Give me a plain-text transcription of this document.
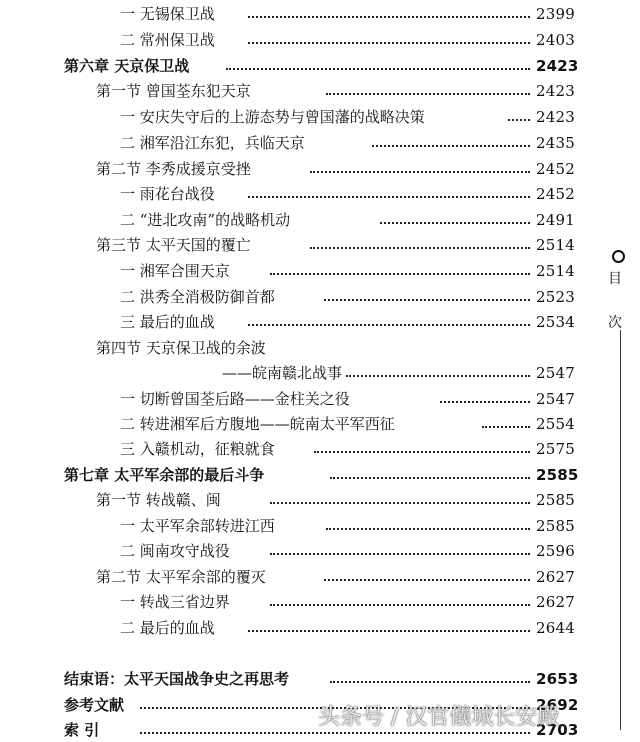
一 无锡保卫战	2399
二 常州保卫战	2403
第六章 天京保卫战	2423
第一节 曾国荃东犯天京	2423
一 安庆失守后的上游态势与曾国藩的战略决策	2423
二 湘军沿江东犯，兵临天京	2435
第二节 李秀成援京受挫	2452
一 雨花台战役	2452
二 “进北攻南”的战略机动	2491
第三节 太平天国的覆亡	2514
一 湘军合围天京	2514
二 洪秀全消极防御首都	2523
三 最后的血战	2534
第四节 天京保卫战的余波
——皖南赣北战事	2547
一 切断曾国荃后路——金柱关之役	2547
二 转进湘军后方腹地——皖南太平军西征	2554
三 入赣机动，征粮就食	2575
第七章 太平军余部的最后斗争	2585
第一节 转战赣、闽	2585
一 太平军余部转进江西	2585
二 闽南攻守战役	2596
第二节 太平军余部的覆灭	2627
一 转战三省边界	2627
二 最后的血战	2644
结束语：太平天国战争史之再思考	2653
参考文献	2692
索 引	2703
目
次
头条号 / 汉官儀城长安殿
